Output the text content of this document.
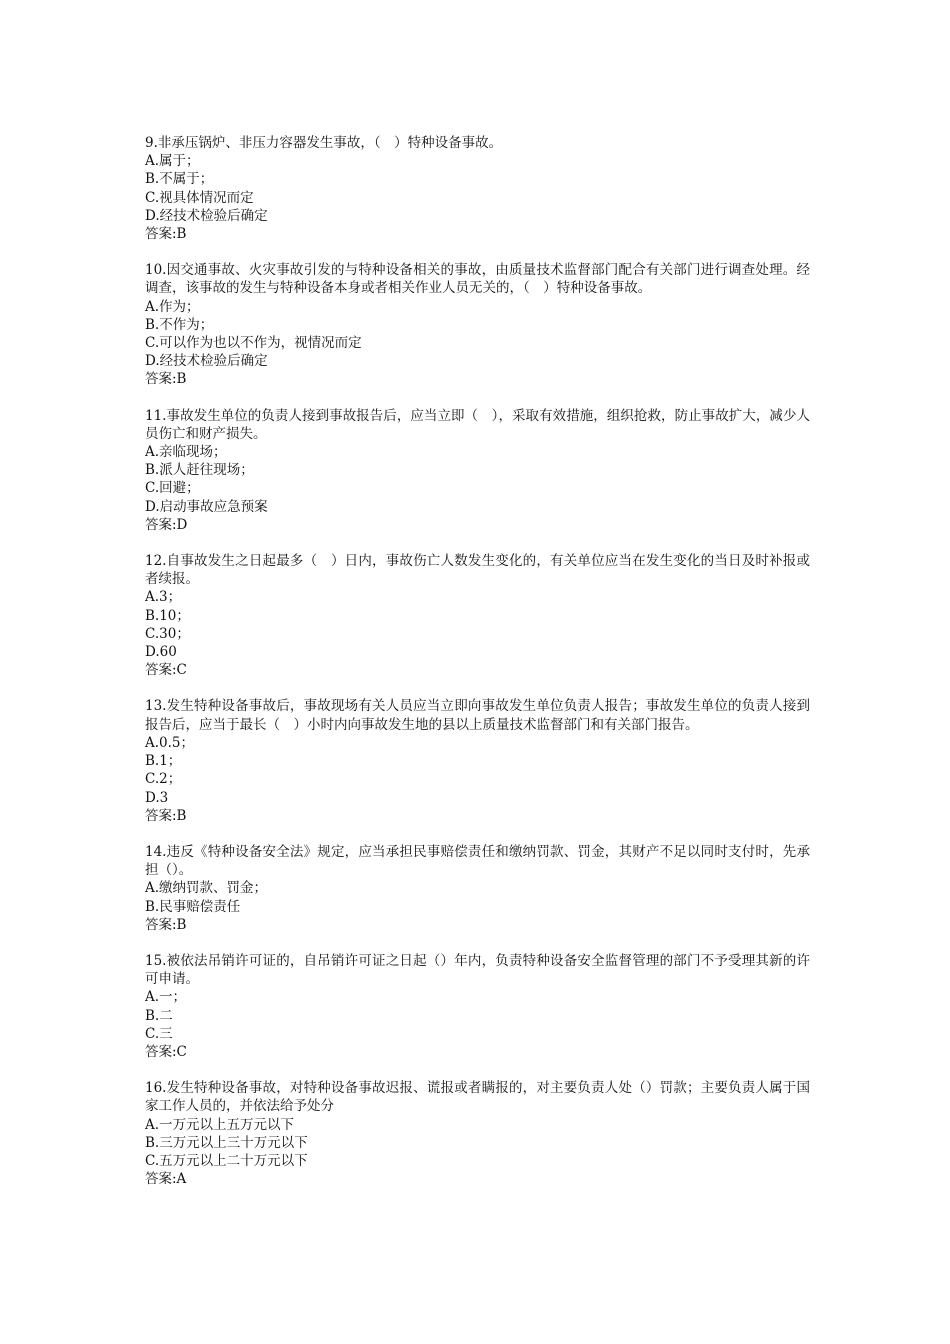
9.非承压锅炉、非压力容器发生事故，（　）特种设备事故。

A.属于；

B.不属于；

C.视具体情况而定

D.经技术检验后确定

答案:B

10.因交通事故、火灾事故引发的与特种设备相关的事故，由质量技术监督部门配合有关部门进行调查处理。经调查，该事故的发生与特种设备本身或者相关作业人员无关的，（　）特种设备事故。

A.作为；

B.不作为；

C.可以作为也以不作为，视情况而定

D.经技术检验后确定

答案:B

11.事故发生单位的负责人接到事故报告后，应当立即（　），采取有效措施，组织抢救，防止事故扩大，减少人员伤亡和财产损失。

A.亲临现场；

B.派人赶往现场；

C.回避；

D.启动事故应急预案

答案:D

12.自事故发生之日起最多（　）日内，事故伤亡人数发生变化的，有关单位应当在发生变化的当日及时补报或者续报。

A.3；

B.10；

C.30；

D.60

答案:C

13.发生特种设备事故后，事故现场有关人员应当立即向事故发生单位负责人报告；事故发生单位的负责人接到报告后，应当于最长（　）小时内向事故发生地的县以上质量技术监督部门和有关部门报告。

A.0.5；

B.1；

C.2；

D.3

答案:B

14.违反《特种设备安全法》规定，应当承担民事赔偿责任和缴纳罚款、罚金，其财产不足以同时支付时，先承担（）。

A.缴纳罚款、罚金；

B.民事赔偿责任

答案:B

15.被依法吊销许可证的，自吊销许可证之日起（）年内，负责特种设备安全监督管理的部门不予受理其新的许可申请。

A.一；

B.二

C.三

答案:C

16.发生特种设备事故，对特种设备事故迟报、谎报或者瞒报的，对主要负责人处（）罚款；主要负责人属于国家工作人员的，并依法给予处分

A.一万元以上五万元以下

B.三万元以上三十万元以下

C.五万元以上二十万元以下

答案:A
